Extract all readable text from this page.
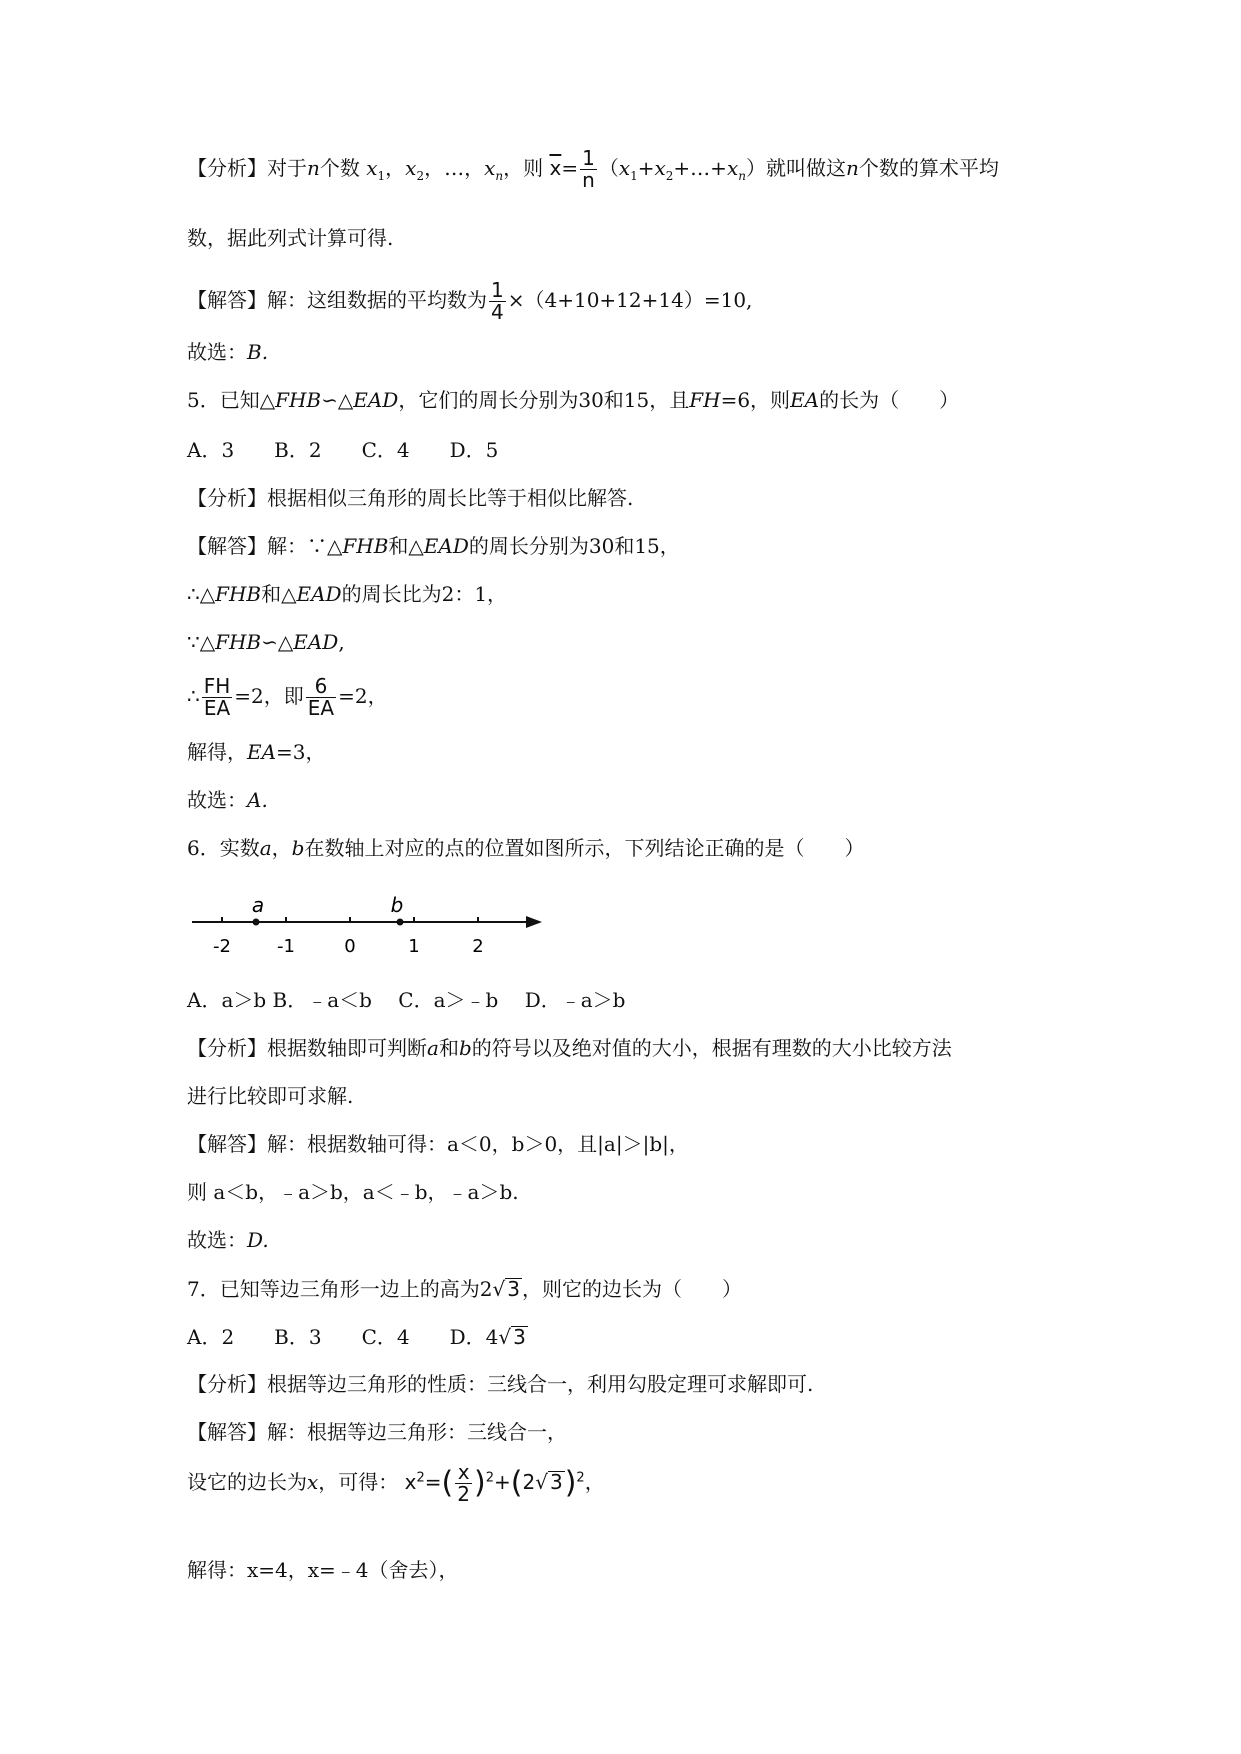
【分析】对于n个数 $x_1$，$x_2$，…，$x_n$，则 $\overline{x}= \frac{1}{n}$ $(x_1+x_2+\dots+x_n)$就叫做这n个数的算术平均
数，据此列式计算可得.
【解答】解：这组数据的平均数为 $\frac{1}{4} \times(4+10+12+14)=10$,
故选：B.
5．已知△FHB∽△EAD，它们的周长分别为30和15，且FH=6，则EA的长为（　　）
A．3　　B．2　　C．4　　D．5
【分析】根据相似三角形的周长比等于相似比解答.
【解答】解：∵△FHB和△EAD的周长分别为30和15，
∴△FHB和△EAD的周长比为2：1，
∵△FHB∽△EAD,
∴ $\frac{FH}{EA} =2$，即 $\frac{6}{EA} =2$，
解得，EA=3，
故选：A.
6．实数a，b在数轴上对应的点的位置如图所示，下列结论正确的是（　　）
-2	-1	0	1	2
a	b
A．a＞b B．﹣a＜b　 C．a＞﹣b　 D．﹣a＞b
【分析】根据数轴即可判断a和b的符号以及绝对值的大小，根据有理数的大小比较方法
进行比较即可求解.
【解答】解：根据数轴可得：a＜0，b＞0，且|a|＞|b|，
则 a＜b，﹣a＞b，a＜﹣b，﹣a＞b.
故选：D.
7．已知等边三角形一边上的高为2√ 3 ，则它的边长为（　　）
A．2　　B．3　　C．4　　D．4√ 3
【分析】根据等边三角形的性质：三线合一，利用勾股定理可求解即可.
【解答】解：根据等边三角形：三线合一，
设它的边长为x，可得： $x^2=( \frac{x}{2} )^2+(2√$ 3)$^2$，
解得：x=4，x=﹣4（舍去），
